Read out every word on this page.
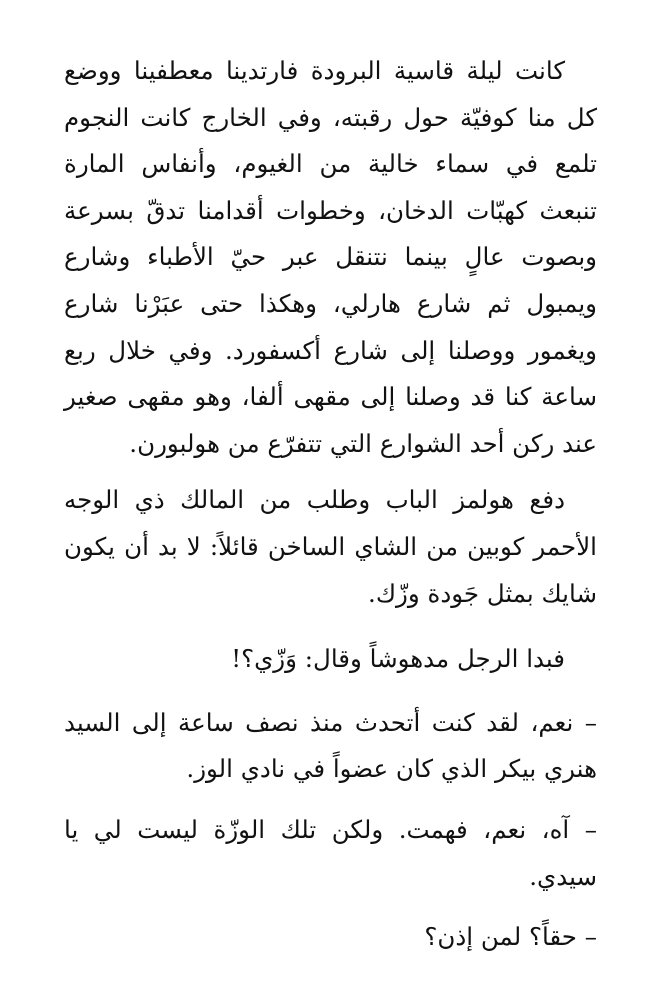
كانت ليلة قاسية البرودة فارتدينا معطفينا ووضع كل منا كوفيّة حول رقبته، وفي الخارج كانت النجوم تلمع في سماء خالية من الغيوم، وأنفاس المارة تنبعث كهبّات الدخان، وخطوات أقدامنا تدقّ بسرعة وبصوت عالٍ بينما نتنقل عبر حيّ الأطباء وشارع ويمبول ثم شارع هارلي، وهكذا حتى عبَرْنا شارع ويغمور ووصلنا إلى شارع أكسفورد. وفي خلال ربع ساعة كنا قد وصلنا إلى مقهى ألفا، وهو مقهى صغير عند ركن أحد الشوارع التي تتفرّع من هولبورن.

دفع هولمز الباب وطلب من المالك ذي الوجه الأحمر كوبين من الشاي الساخن قائلاً: لا بد أن يكون شايك بمثل جَودة وزّك.

فبدا الرجل مدهوشاً وقال: وَزّي؟!

– نعم، لقد كنت أتحدث منذ نصف ساعة إلى السيد هنري بيكر الذي كان عضواً في نادي الوز.

– آه، نعم، فهمت. ولكن تلك الوزّة ليست لي يا سيدي.

– حقاً؟ لمن إذن؟
